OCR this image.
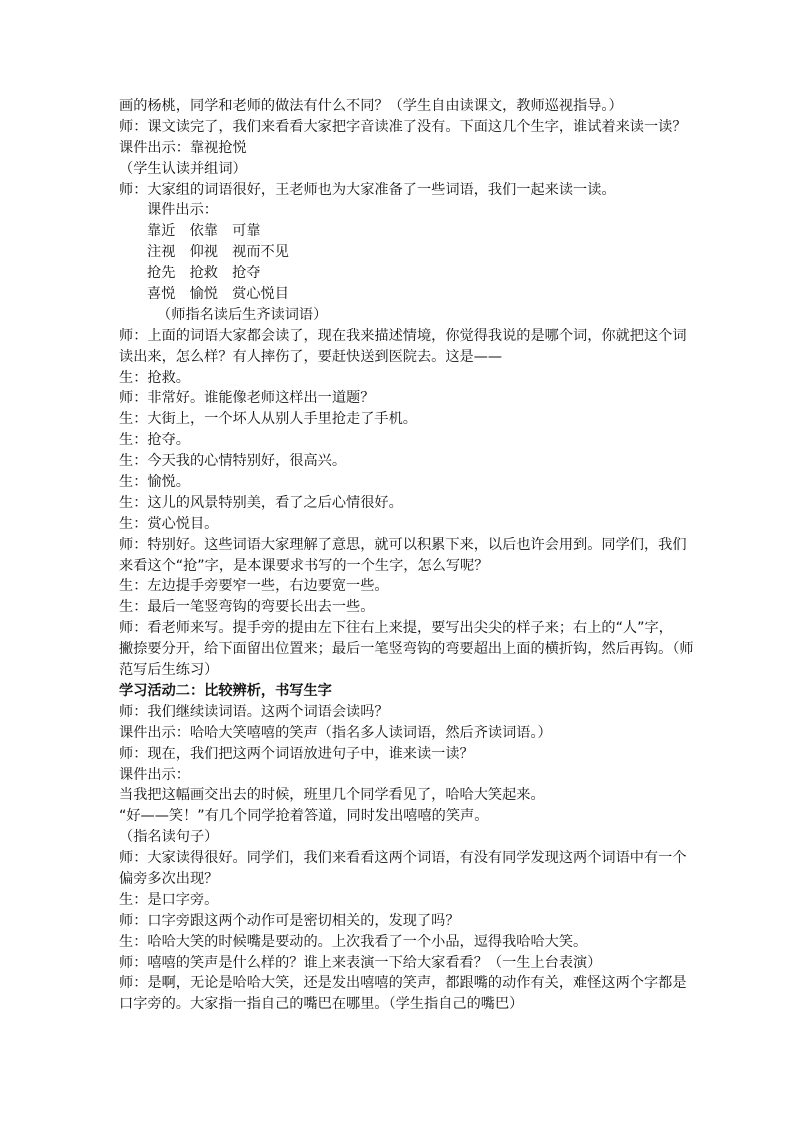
画的杨桃，同学和老师的做法有什么不同？（学生自由读课文，教师巡视指导。）
师：课文读完了，我们来看看大家把字音读准了没有。下面这几个生字，谁试着来读一读？
课件出示：靠视抢悦
（学生认读并组词）
师：大家组的词语很好，王老师也为大家准备了一些词语，我们一起来读一读。
课件出示：
靠近　依靠　可靠
注视　仰视　视而不见
抢先　抢救　抢夺
喜悦　愉悦　赏心悦目
（师指名读后生齐读词语）
师：上面的词语大家都会读了，现在我来描述情境，你觉得我说的是哪个词，你就把这个词
读出来，怎么样？有人摔伤了，要赶快送到医院去。这是——
生：抢救。
师：非常好。谁能像老师这样出一道题？
生：大街上，一个坏人从别人手里抢走了手机。
生：抢夺。
生：今天我的心情特别好，很高兴。
生：愉悦。
生：这儿的风景特别美，看了之后心情很好。
生：赏心悦目。
师：特别好。这些词语大家理解了意思，就可以积累下来，以后也许会用到。同学们，我们
来看这个“抢”字，是本课要求书写的一个生字，怎么写呢？
生：左边提手旁要窄一些，右边要宽一些。
生：最后一笔竖弯钩的弯要长出去一些。
师：看老师来写。提手旁的提由左下往右上来提，要写出尖尖的样子来；右上的“人”字，
撇捺要分开，给下面留出位置来；最后一笔竖弯钩的弯要超出上面的横折钩，然后再钩。（师
范写后生练习）
学习活动二：比较辨析，书写生字
师：我们继续读词语。这两个词语会读吗？
课件出示：哈哈大笑嘻嘻的笑声（指名多人读词语，然后齐读词语。）
师：现在，我们把这两个词语放进句子中，谁来读一读？
课件出示：
当我把这幅画交出去的时候，班里几个同学看见了，哈哈大笑起来。
“好——笑！”有几个同学抢着答道，同时发出嘻嘻的笑声。
（指名读句子）
师：大家读得很好。同学们，我们来看看这两个词语，有没有同学发现这两个词语中有一个
偏旁多次出现？
生：是口字旁。
师：口字旁跟这两个动作可是密切相关的，发现了吗？
生：哈哈大笑的时候嘴是要动的。上次我看了一个小品，逗得我哈哈大笑。
师：嘻嘻的笑声是什么样的？谁上来表演一下给大家看看？（一生上台表演）
师：是啊，无论是哈哈大笑，还是发出嘻嘻的笑声，都跟嘴的动作有关，难怪这两个字都是
口字旁的。大家指一指自己的嘴巴在哪里。（学生指自己的嘴巴）
